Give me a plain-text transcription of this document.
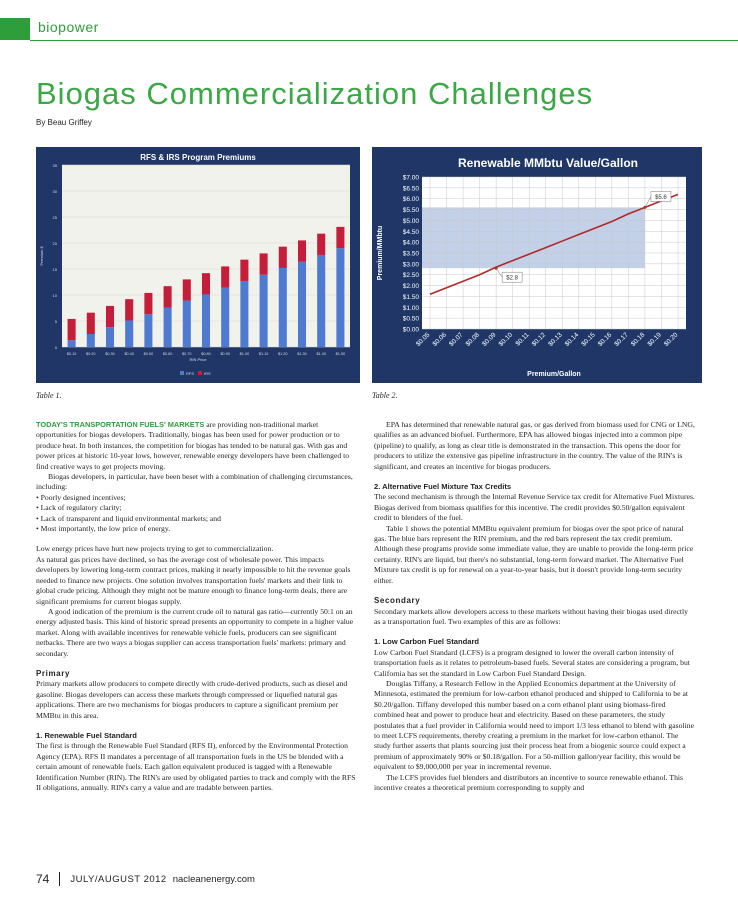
biopower
Biogas Commercialization Challenges
By Beau Griffey
RFS & IRS Program Premiums
0
5
10
15
20
25
30
35
$0.10	$0.20	$0.30	$0.40	$0.50	$0.60	$0.70	$0.80	$0.90	$1.00	$1.10	$1.20	$1.30	$1.40	$1.50
RIN Price
Premium $
RFS	IRS
Renewable MMbtu Value/Gallon
$0.00
$0.50
$1.00
$1.50
$2.00
$2.50
$3.00
$3.50
$4.00
$4.50
$5.00
$5.50
$6.00
$6.50
$7.00
$0.05 $0.06 $0.07 $0.08 $0.09 $0.10 $0.11 $0.12 $0.13 $0.14 $0.15 $0.16 $0.17 $0.18 $0.19 $0.20
$2.8
$5.6
Premium/Gallon
Premium/MMbtu
Table 1.	Table 2.

TODAY'S TRANSPORTATION FUELS' MARKETS are providing non-traditional market opportunities for biogas developers. Traditionally, biogas has been used for power production or to produce heat. In both instances, the competition for biogas has tended to be natural gas. With gas and power prices at historic 10-year lows, however, renewable energy developers have been challenged to find creative ways to get projects moving.

Biogas developers, in particular, have been beset with a combination of challenging circumstances, including:

• Poorly designed incentives;

• Lack of regulatory clarity;

• Lack of transparent and liquid environmental markets; and

• Most importantly, the low price of energy.

Low energy prices have hurt new projects trying to get to commercialization.

As natural gas prices have declined, so has the average cost of wholesale power. This impacts developers by lowering long-term contract prices, making it nearly impossible to hit the revenue goals needed to finance new projects. One solution involves transportation fuels' markets and their link to global crude pricing. Although they might not be mature enough to finance long-term deals, there are significant premiums for current biogas supply.

A good indication of the premium is the current crude oil to natural gas ratio—currently 50:1 on an energy adjusted basis. This kind of historic spread presents an opportunity to compete in a higher value market. Along with available incentives for renewable vehicle fuels, producers can see significant netbacks. There are two ways a biogas supplier can access transportation fuels' markets: primary and secondary.

Primary

Primary markets allow producers to compete directly with crude-derived products, such as diesel and gasoline. Biogas developers can access these markets through compressed or liquefied natural gas applications. There are two mechanisms for biogas producers to capture a significant premium per MMBtu in this area.

1. Renewable Fuel Standard

The first is through the Renewable Fuel Standard (RFS II), enforced by the Environmental Protection Agency (EPA). RFS II mandates a percentage of all transportation fuels in the US be blended with a certain amount of renewable fuels. Each gallon equivalent produced is tagged with a Renewable Identification Number (RIN). The RIN's are used by obligated parties to track and comply with the RFS II obligations, annually. RIN's carry a value and are tradable between parties.

EPA has determined that renewable natural gas, or gas derived from biomass used for CNG or LNG, qualifies as an advanced biofuel. Furthermore, EPA has allowed biogas injected into a common pipe (pipeline) to qualify, as long as clear title is demonstrated in the transaction. This opens the door for producers to utilize the extensive gas pipeline infrastructure in the country. The value of the RIN's is significant, and creates an incentive for biogas producers.

2. Alternative Fuel Mixture Tax Credits

The second mechanism is through the Internal Revenue Service tax credit for Alternative Fuel Mixtures. Biogas derived from biomass qualifies for this incentive. The credit provides $0.50/gallon equivalent credit to blenders of the fuel.

Table 1 shows the potential MMBtu equivalent premium for biogas over the spot price of natural gas. The blue bars represent the RIN premium, and the red bars represent the tax credit premium. Although these programs provide some immediate value, they are unable to provide the long-term price certainty. RIN's are liquid, but there's no substantial, long-term forward market. The Alternative Fuel Mixture tax credit is up for renewal on a year-to-year basis, but it doesn't provide long-term security either.

Secondary

Secondary markets allow developers access to these markets without having their biogas used directly as a transportation fuel. Two examples of this are as follows:

1. Low Carbon Fuel Standard

Low Carbon Fuel Standard (LCFS) is a program designed to lower the overall carbon intensity of transportation fuels as it relates to petroleum-based fuels. Several states are considering a program, but California has set the standard in Low Carbon Fuel Standard Design.

Douglas Tiffany, a Research Fellow in the Applied Economics department at the University of Minnesota, estimated the premium for low-carbon ethanol produced and shipped to California to be at $0.20/gallon. Tiffany developed this number based on a corn ethanol plant using biomass-fired combined heat and power to produce heat and electricity. Based on these parameters, the study postulates that a fuel provider in California would need to import 1/3 less ethanol to blend with gasoline to meet LCFS requirements, thereby creating a premium in the market for low-carbon ethanol. The study further asserts that plants sourcing just their process heat from a biogenic source could expect a premium of approximately 90% or $0.18/gallon. For a 50-million gallon/year facility, this would be equivalent to $9,000,000 per year in incremental revenue.

The LCFS provides fuel blenders and distributors an incentive to source renewable ethanol. This incentive creates a theoretical premium corresponding to supply and

74 JULY/AUGUST 2012 nacleanenergy.com
